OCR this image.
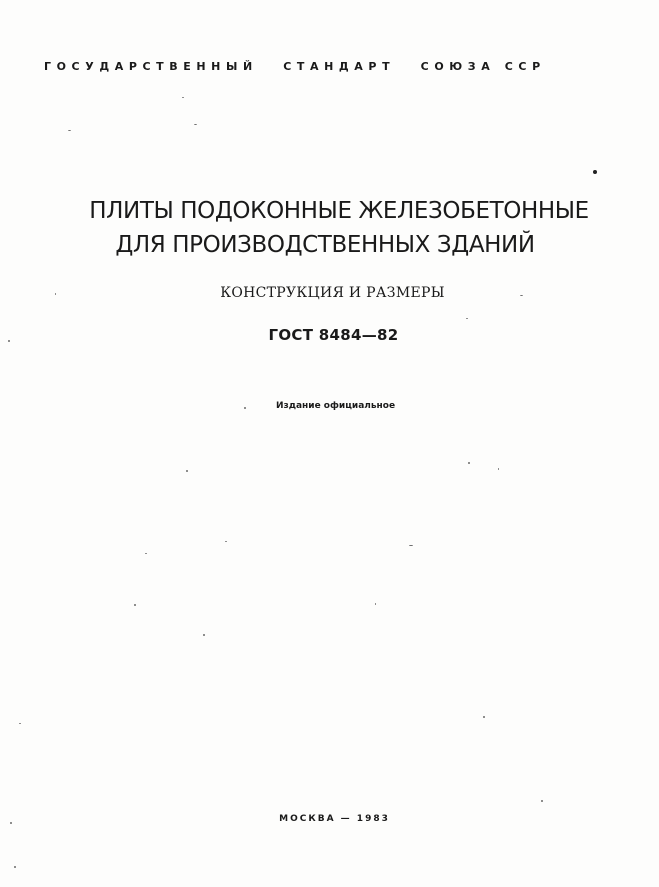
ГОСУДАРСТВЕННЫЙ СТАНДАРТ СОЮЗА ССР
ПЛИТЫ ПОДОКОННЫЕ ЖЕЛЕЗОБЕТОННЫЕ
ДЛЯ ПРОИЗВОДСТВЕННЫХ ЗДАНИЙ
КОНСТРУКЦИЯ И РАЗМЕРЫ
ГОСТ 8484—82
Издание официальное
МОСКВА — 1983
